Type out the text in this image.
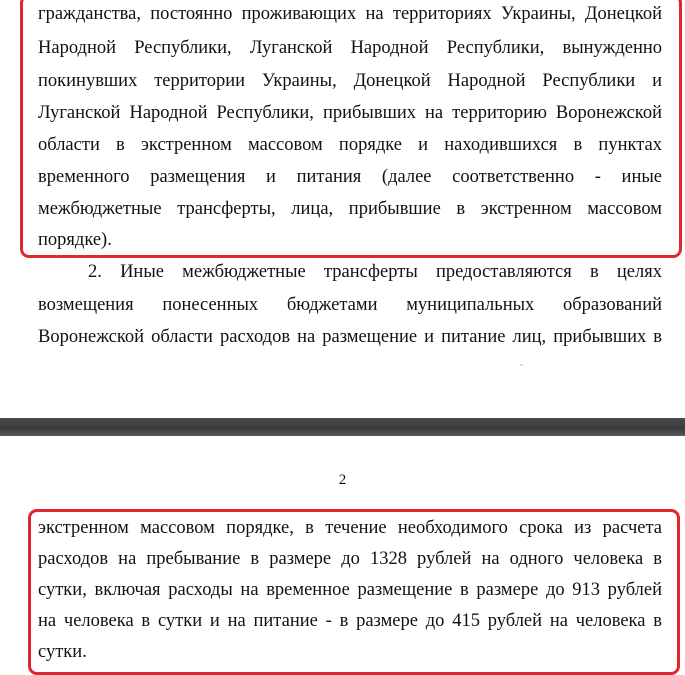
гражданства, постоянно проживающих на территориях Украины, Донецкой
Народной Республики, Луганской Народной Республики, вынужденно
покинувших территории Украины, Донецкой Народной Республики и
Луганской Народной Республики, прибывших на территорию Воронежской
области в экстренном массовом порядке и находившихся в пунктах
временного размещения и питания (далее соответственно - иные
межбюджетные трансферты, лица, прибывшие в экстренном массовом
порядке).
2. Иные межбюджетные трансферты предоставляются в целях
возмещения понесенных бюджетами муниципальных образований
Воронежской области расходов на размещение и питание лиц, прибывших в
2
экстренном массовом порядке, в течение необходимого срока из расчета
расходов на пребывание в размере до 1328 рублей на одного человека в
сутки, включая расходы на временное размещение в размере до 913 рублей
на человека в сутки и на питание - в размере до 415 рублей на человека в
сутки.
